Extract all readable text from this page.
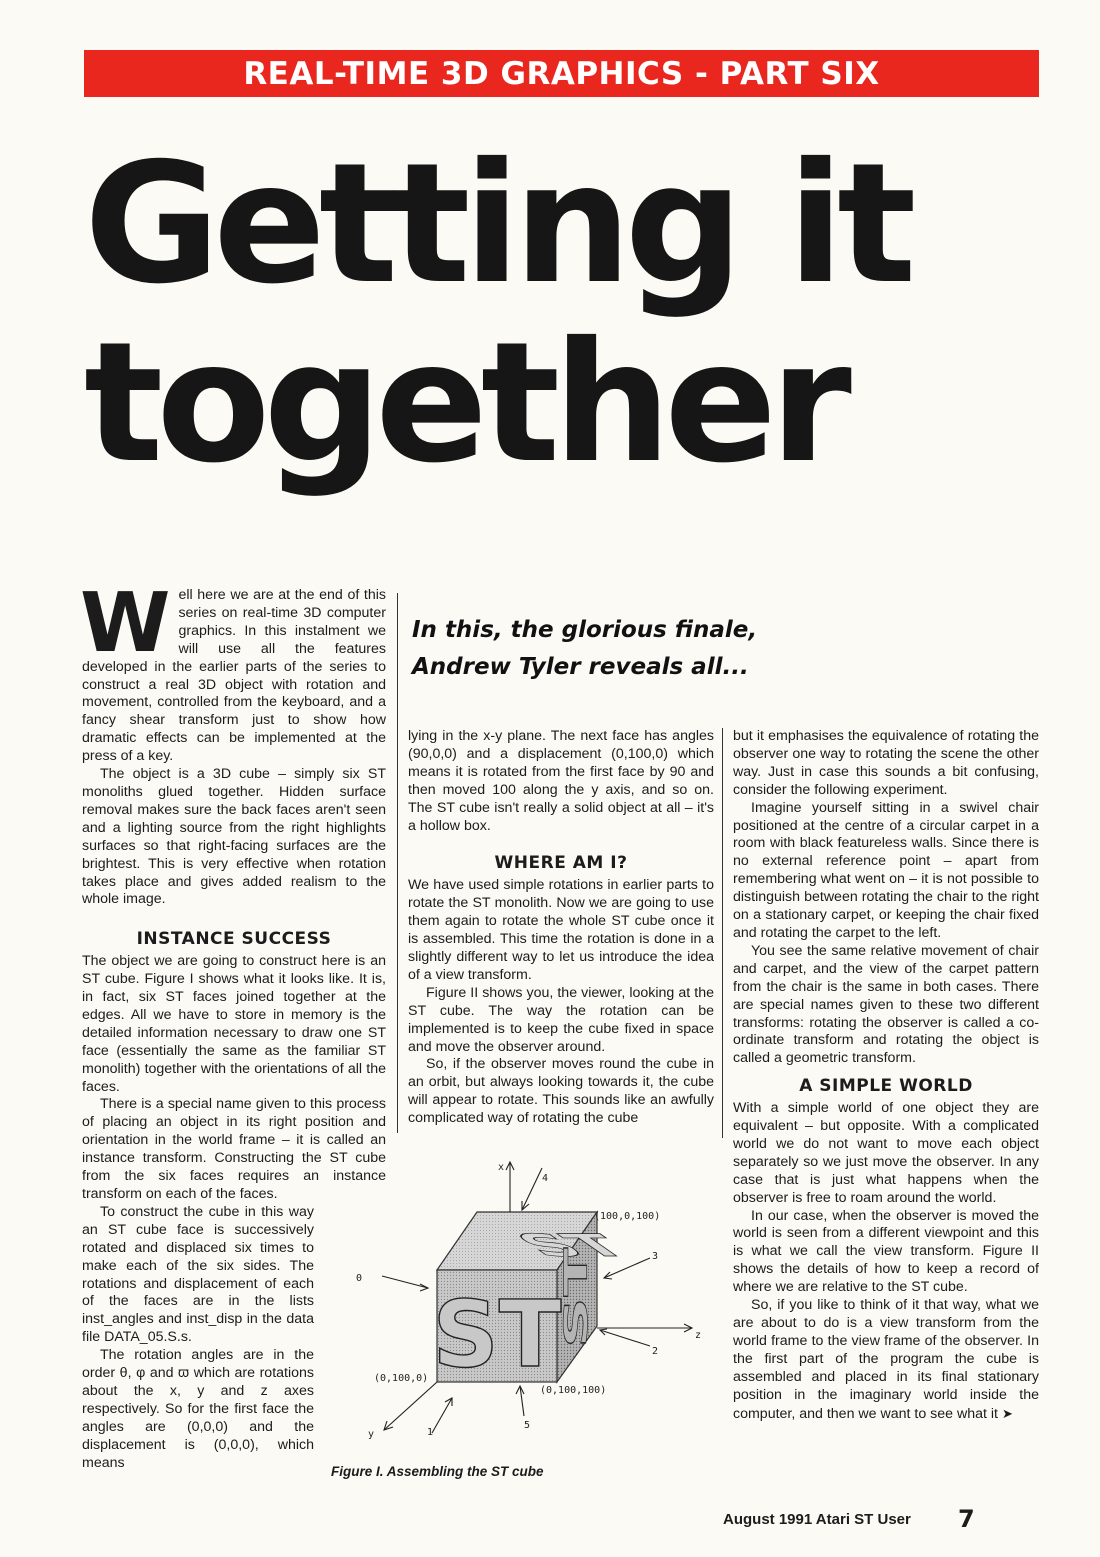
REAL-TIME 3D GRAPHICS - PART SIX
Getting it
together

Well here we are at the end of this series on real-time 3D computer graphics. In this instalment we will use all the features developed in the earlier parts of the series to construct a real 3D object with rotation and movement, controlled from the keyboard, and a fancy shear transform just to show how dramatic effects can be implemented at the press of a key.

The object is a 3D cube – simply six ST monoliths glued together. Hidden surface removal makes sure the back faces aren't seen and a lighting source from the right highlights surfaces so that right-facing surfaces are the brightest. This is very effective when rotation takes place and gives added realism to the whole image.

INSTANCE SUCCESS

The object we are going to construct here is an ST cube. Figure I shows what it looks like. It is, in fact, six ST faces joined together at the edges. All we have to store in memory is the detailed information necessary to draw one ST face (essentially the same as the familiar ST monolith) together with the orientations of all the faces.

There is a special name given to this process of placing an object in its right position and orientation in the world frame – it is called an instance transform. Constructing the ST cube from the six faces requires an instance transform on each of the faces.

To construct the cube in this way an ST cube face is successively rotated and displaced six times to make each of the six sides. The rotations and displacement of each of the faces are in the lists inst_angles and inst_disp in the data file DATA_05.S.s.

The rotation angles are in the order θ, φ and ϖ which are rotations about the x, y and z axes respectively. So for the first face the angles are (0,0,0) and the displacement is (0,0,0), which means

In this, the glorious finale,
Andrew Tyler reveals all...

lying in the x-y plane. The next face has angles (90,0,0) and a displacement (0,100,0) which means it is rotated from the first face by 90 and then moved 100 along the y axis, and so on. The ST cube isn't really a solid object at all – it's a hollow box.

WHERE AM I?

We have used simple rotations in earlier parts to rotate the ST monolith. Now we are going to use them again to rotate the whole ST cube once it is assembled. This time the rotation is done in a slightly different way to let us introduce the idea of a view transform.

Figure II shows you, the viewer, looking at the ST cube. The way the rotation can be implemented is to keep the cube fixed in space and move the observer around.

So, if the observer moves round the cube in an orbit, but always looking towards it, the cube will appear to rotate. This sounds like an awfully complicated way of rotating the cube

but it emphasises the equivalence of rotating the observer one way to rotating the scene the other way. Just in case this sounds a bit confusing, consider the following experiment.

Imagine yourself sitting in a swivel chair positioned at the centre of a circular carpet in a room with black featureless walls. Since there is no external reference point – apart from remembering what went on – it is not possible to distinguish between rotating the chair to the right on a stationary carpet, or keeping the chair fixed and rotating the carpet to the left.

You see the same relative movement of chair and carpet, and the view of the carpet pattern from the chair is the same in both cases. There are special names given to these two different transforms: rotating the observer is called a co-ordinate transform and rotating the object is called a geometric transform.

A SIMPLE WORLD

With a simple world of one object they are equivalent – but opposite. With a complicated world we do not want to move each object separately so we just move the observer. In any case that is just what happens when the observer is free to roam around the world.

In our case, when the observer is moved the world is seen from a different viewpoint and this is what we call the view transform. Figure II shows the details of how to keep a record of where we are relative to the ST cube.

So, if you like to think of it that way, what we are about to do is a view transform from the world frame to the view frame of the observer. In the first part of the program the cube is assembled and placed in its final stationary position in the imaginary world inside the computer, and then we want to see what it ➤

ST
ST
ST
x
z
y
0
1
2
3
4
5
(100,0,100)
(0,100,0)
(0,100,100)
Figure I. Assembling the ST cube
August 1991 Atari ST User 7
